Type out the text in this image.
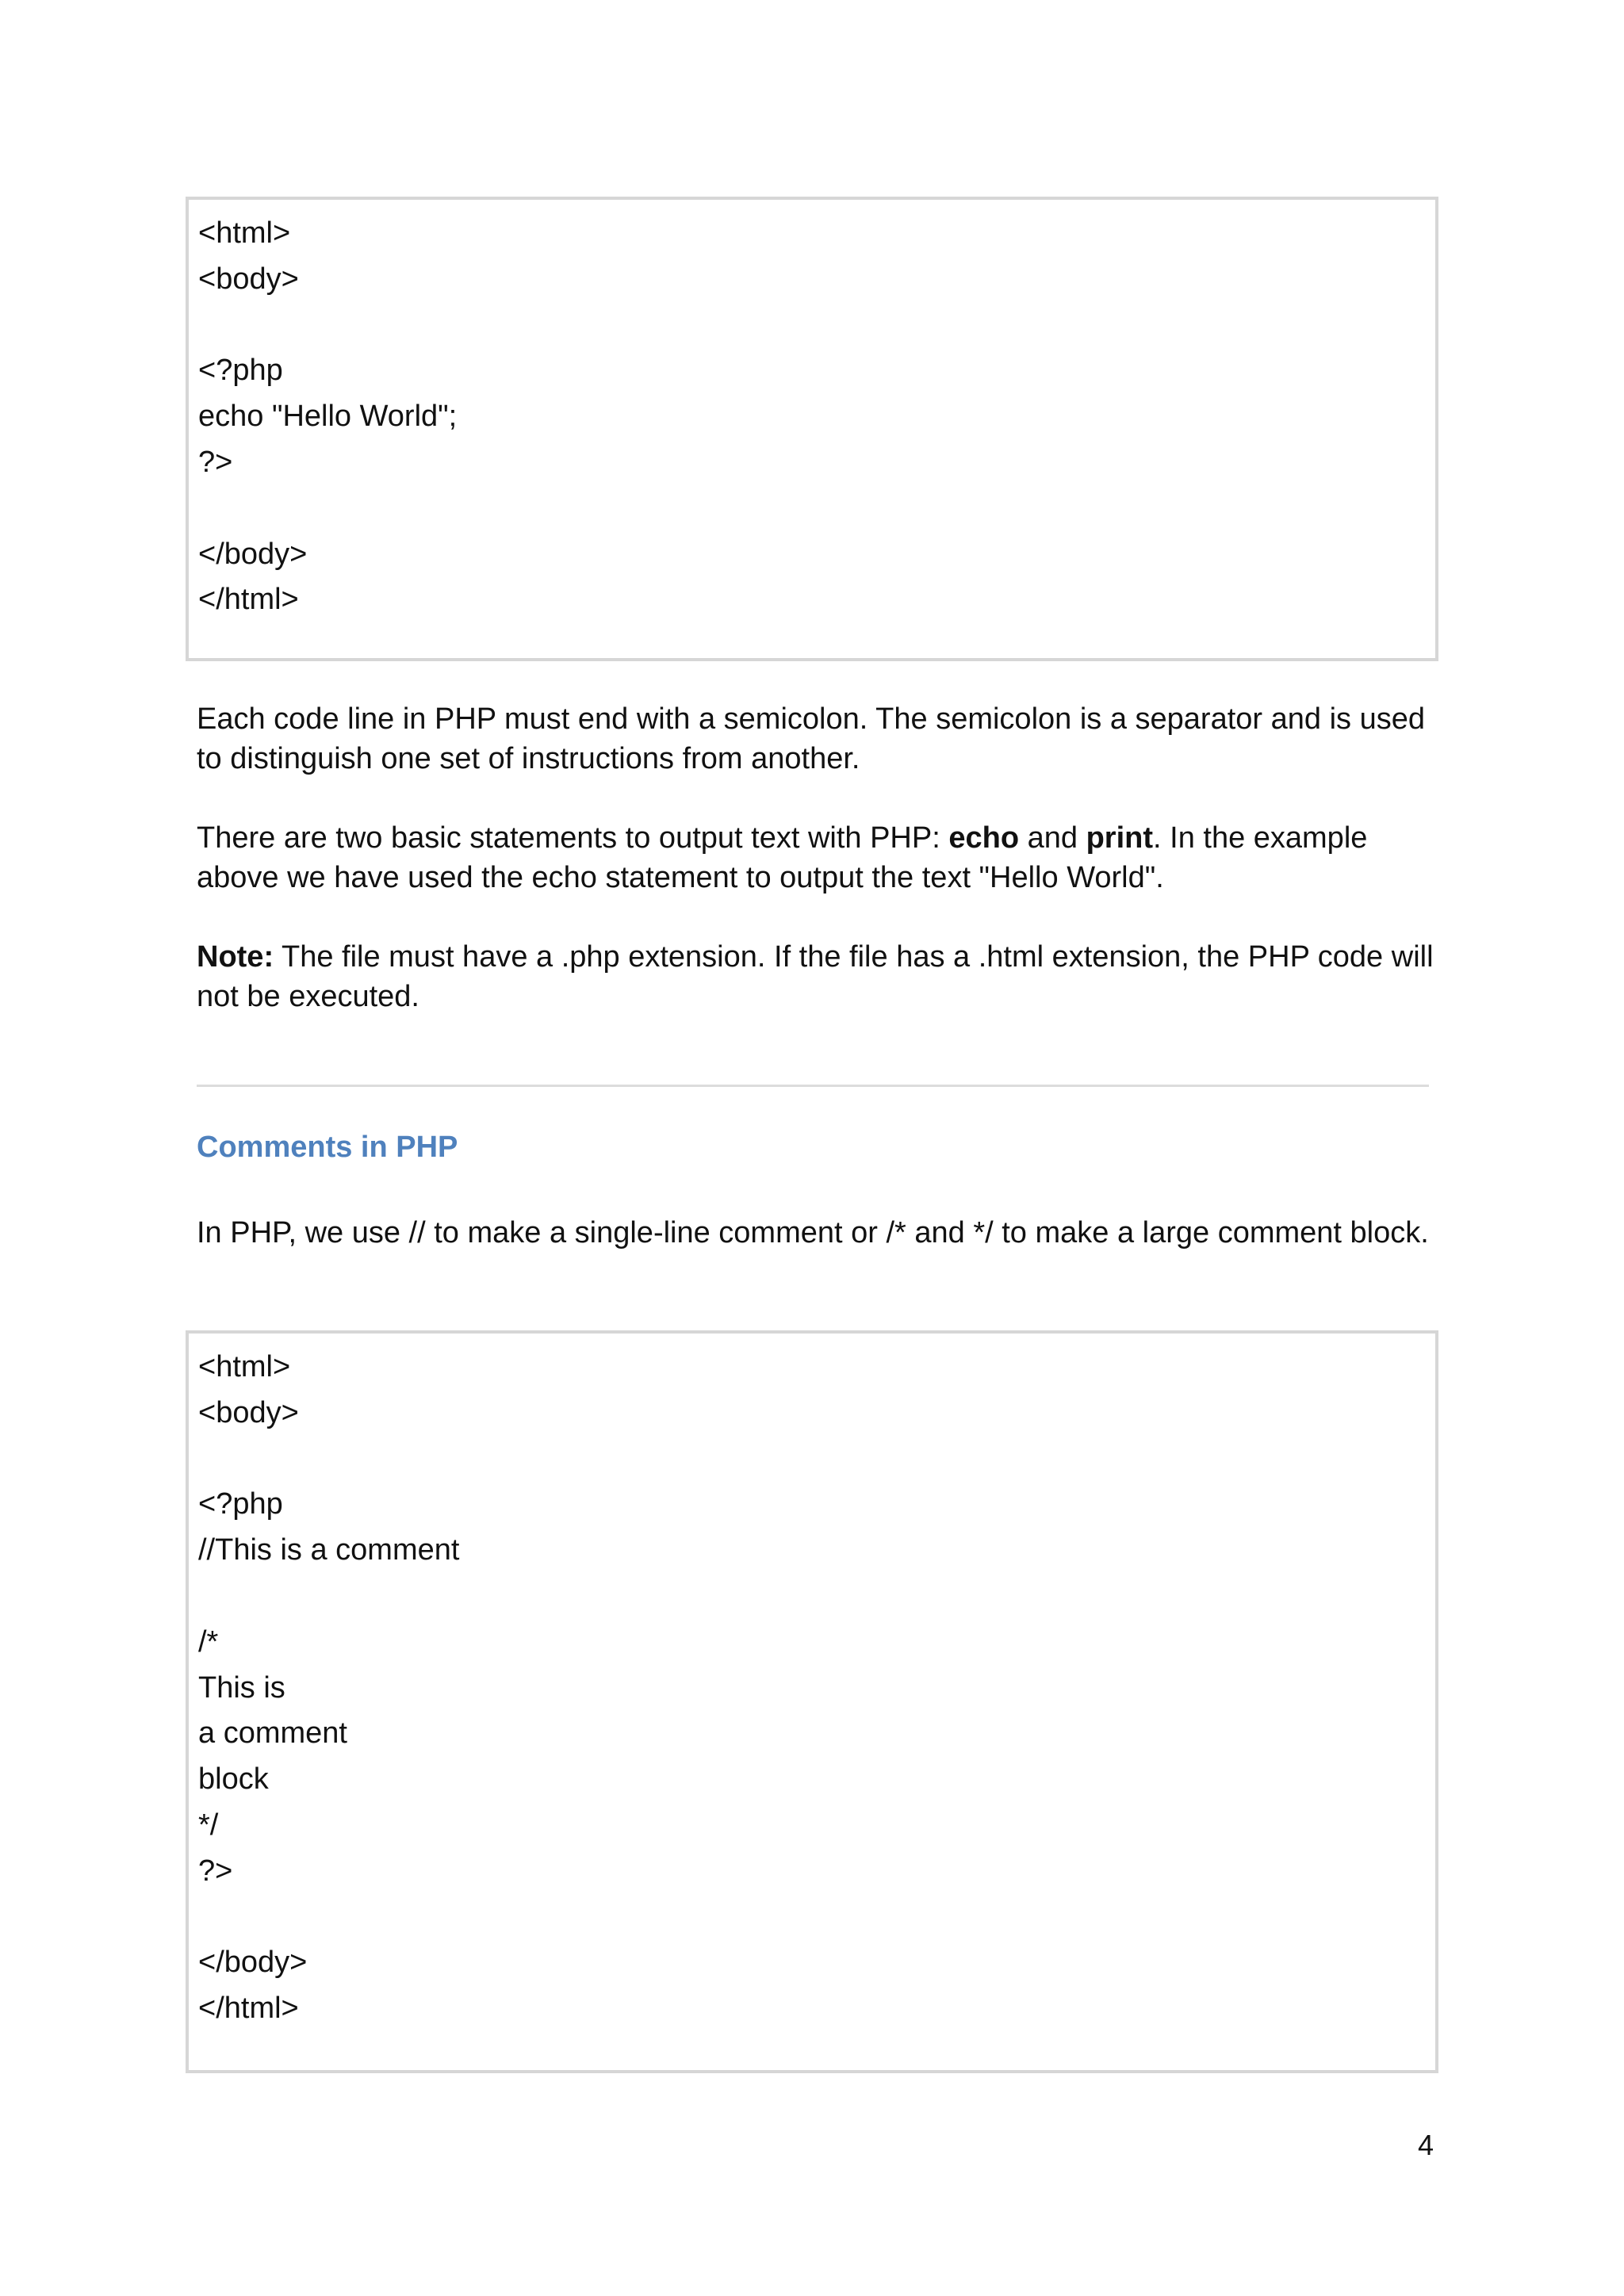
<html>
<body>
<?php
echo "Hello World";
?>
</body>
</html>

Each code line in PHP must end with a semicolon. The semicolon is a separator and is used to distinguish one set of instructions from another.

There are two basic statements to output text with PHP: echo and print. In the example above we have used the echo statement to output the text "Hello World".

Note: The file must have a .php extension. If the file has a .html extension, the PHP code will not be executed.

Comments in PHP

In PHP, we use // to make a single-line comment or /* and */ to make a large comment block.

<html>
<body>
<?php
//This is a comment
/*
This is
a comment
block
*/
?>
</body>
</html>
4
